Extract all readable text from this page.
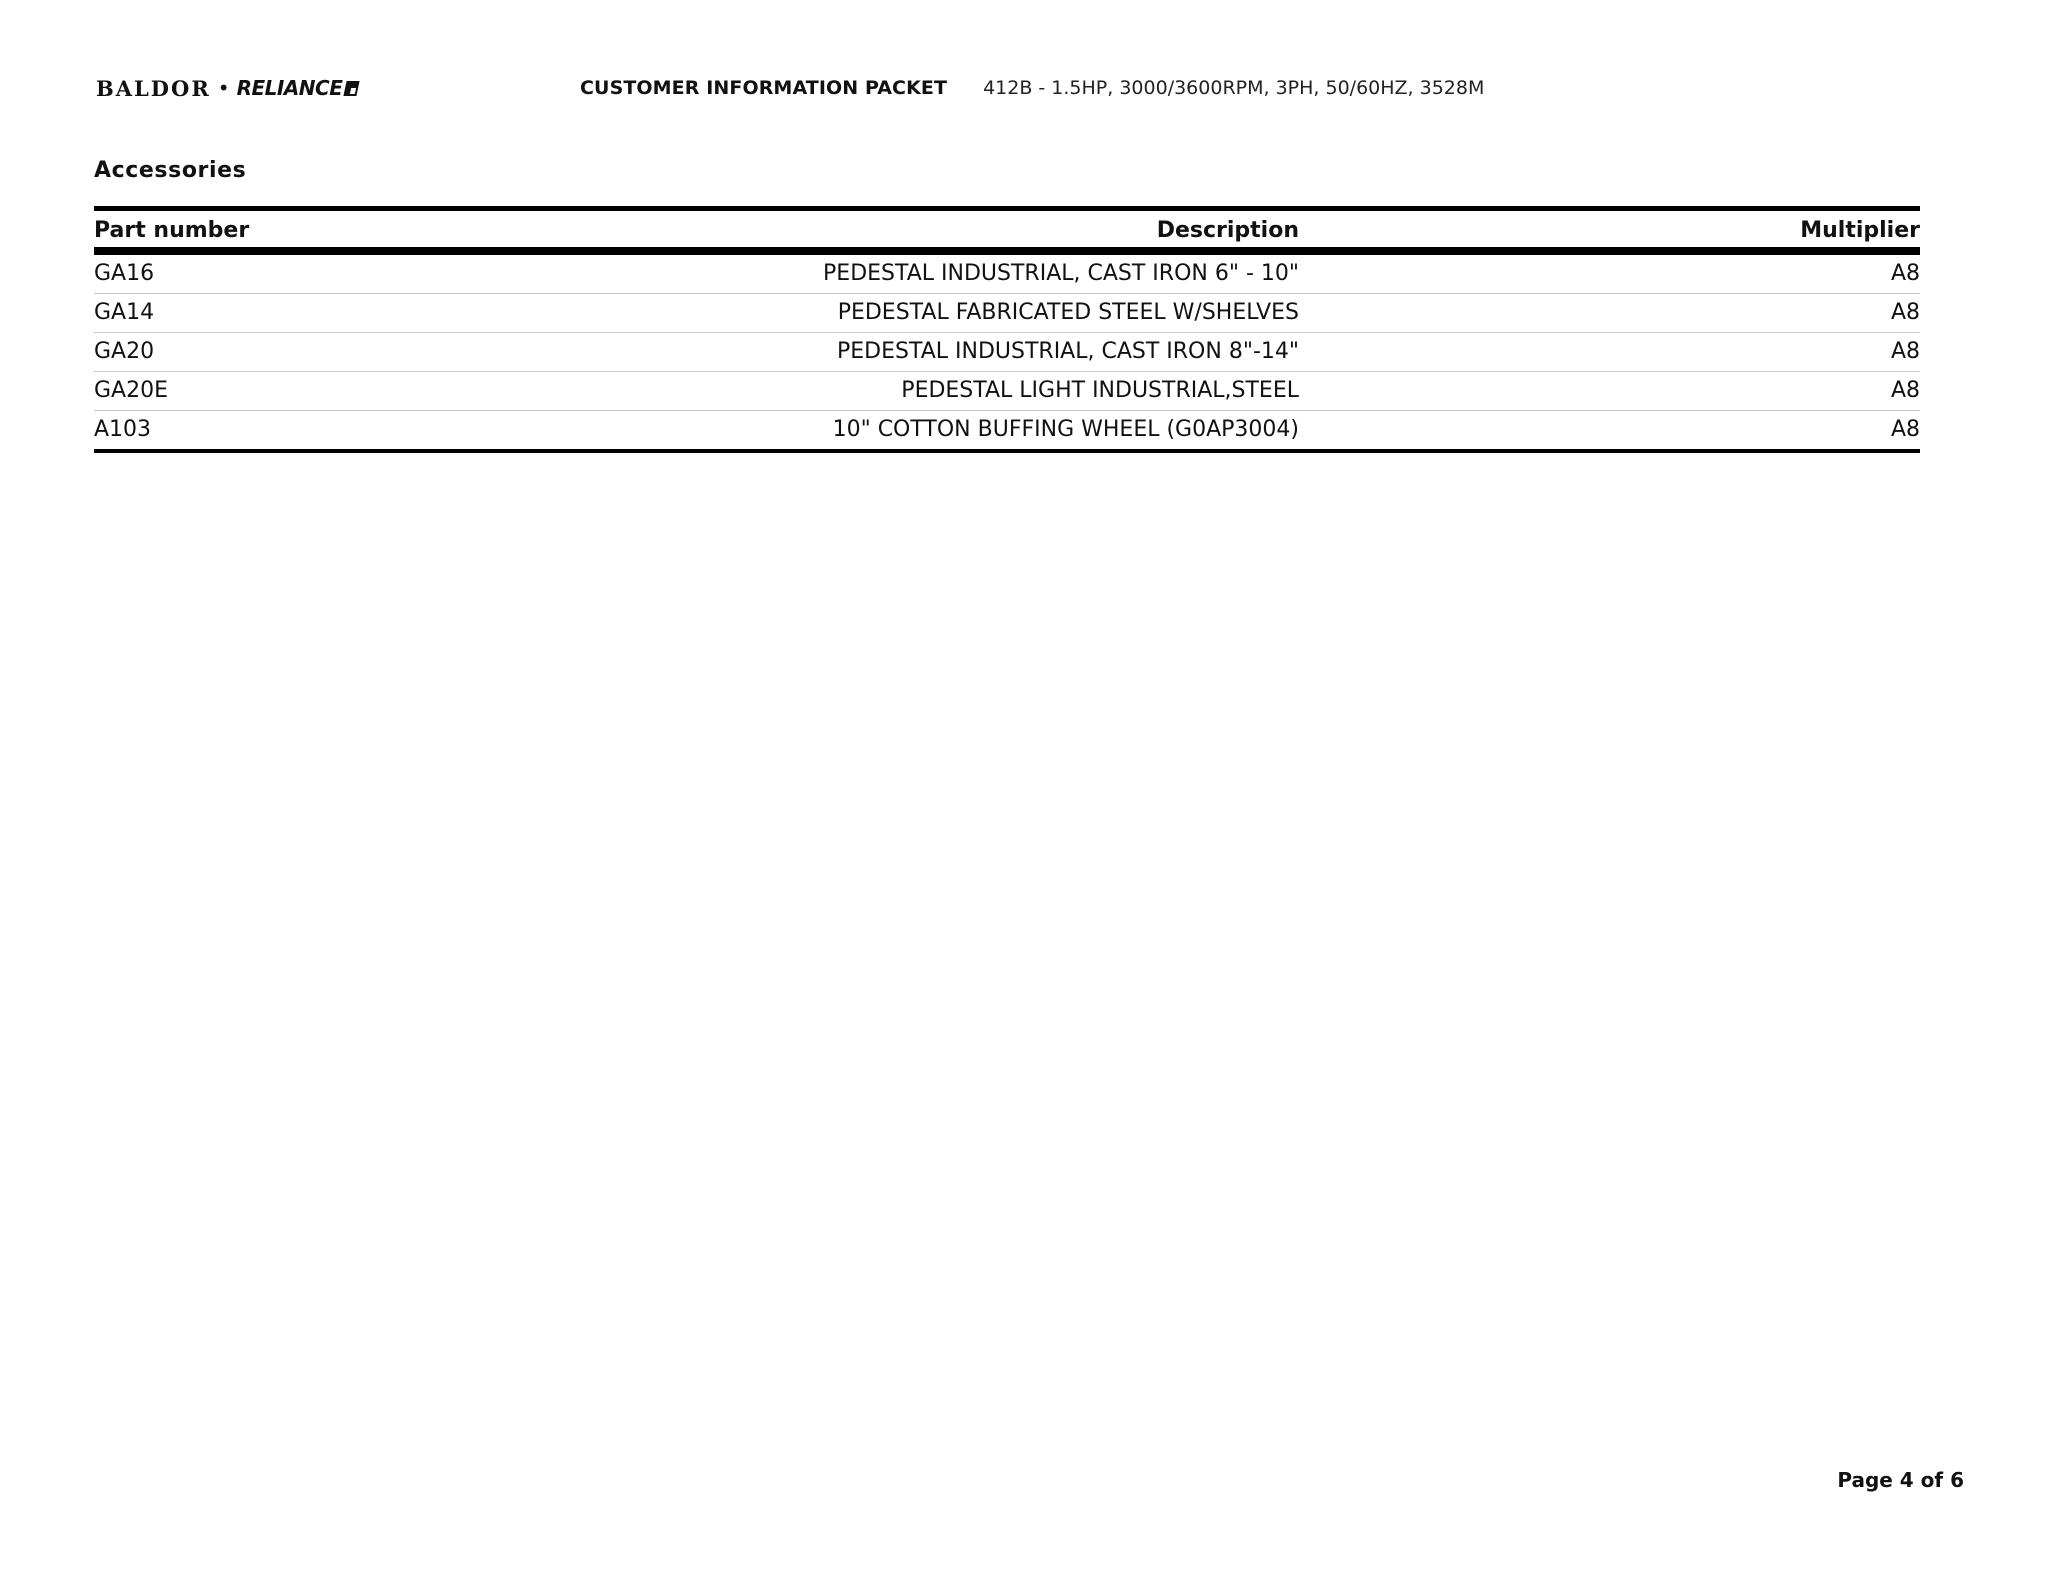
BALDOR • RELIANCE	CUSTOMER INFORMATION PACKET 412B - 1.5HP, 3000/3600RPM, 3PH, 50/60HZ, 3528M
Accessories
Part number	Description	Multiplier
GA16	PEDESTAL INDUSTRIAL, CAST IRON 6" - 10"	A8
GA14	PEDESTAL FABRICATED STEEL W/SHELVES	A8
GA20	PEDESTAL INDUSTRIAL, CAST IRON 8"-14"	A8
GA20E	PEDESTAL LIGHT INDUSTRIAL,STEEL	A8
A103	10" COTTON BUFFING WHEEL (G0AP3004)	A8
Page 4 of 6
